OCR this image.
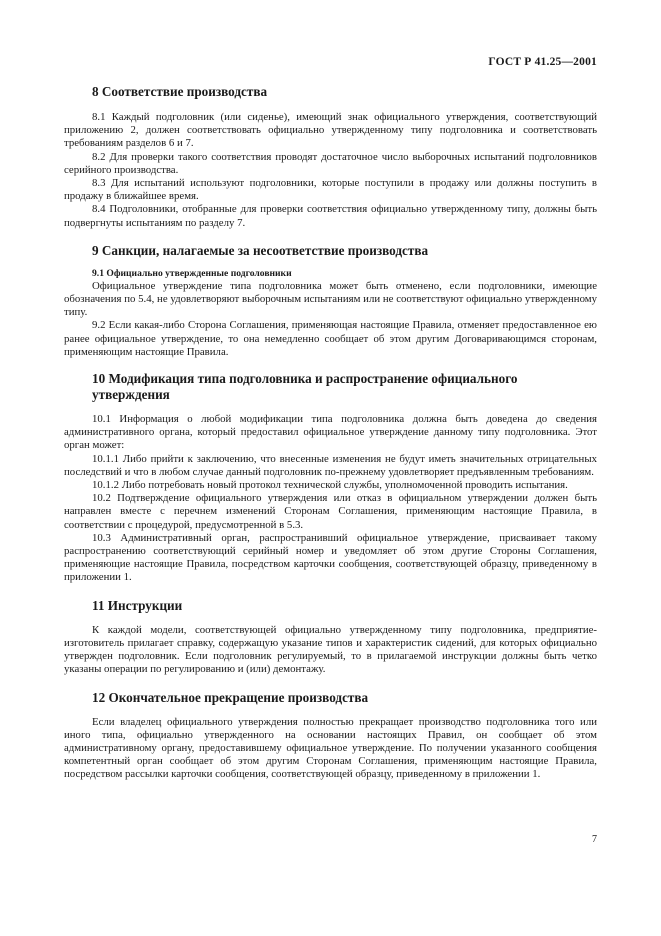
ГОСТ Р 41.25—2001
8 Соответствие производства

8.1 Каждый подголовник (или сиденье), имеющий знак официального утверждения, соответствующий приложению 2, должен соответствовать официально утвержденному типу подголовника и соответствовать требованиям разделов 6 и 7.

8.2 Для проверки такого соответствия проводят достаточное число выборочных испытаний подголовников серийного производства.

8.3 Для испытаний используют подголовники, которые поступили в продажу или должны поступить в продажу в ближайшее время.

8.4 Подголовники, отобранные для проверки соответствия официально утвержденному типу, должны быть подвергнуты испытаниям по разделу 7.

9 Санкции, налагаемые за несоответствие производства
9.1 Официально утвержденные подголовники

Официальное утверждение типа подголовника может быть отменено, если подголовники, имеющие обозначения по 5.4, не удовлетворяют выборочным испытаниям или не соответствуют официально утвержденному типу.

9.2 Если какая-либо Сторона Соглашения, применяющая настоящие Правила, отменяет предоставленное ею ранее официальное утверждение, то она немедленно сообщает об этом другим Договаривающимся сторонам, применяющим настоящие Правила.

10 Модификация типа подголовника и распространение официального утверждения

10.1 Информация о любой модификации типа подголовника должна быть доведена до сведения административного органа, который предоставил официальное утверждение данному типу подголовника. Этот орган может:

10.1.1 Либо прийти к заключению, что внесенные изменения не будут иметь значительных отрицательных последствий и что в любом случае данный подголовник по-прежнему удовлетворяет предъявленным требованиям.

10.1.2 Либо потребовать новый протокол технической службы, уполномоченной проводить испытания.

10.2 Подтверждение официального утверждения или отказ в официальном утверждении должен быть направлен вместе с перечнем изменений Сторонам Соглашения, применяющим настоящие Правила, в соответствии с процедурой, предусмотренной в 5.3.

10.3 Административный орган, распространивший официальное утверждение, присваивает такому распространению соответствующий серийный номер и уведомляет об этом другие Стороны Соглашения, применяющие настоящие Правила, посредством карточки сообщения, соответствующей образцу, приведенному в приложении 1.

11 Инструкции

К каждой модели, соответствующей официально утвержденному типу подголовника, предприятие-изготовитель прилагает справку, содержащую указание типов и характеристик сидений, для которых официально утвержден подголовник. Если подголовник регулируемый, то в прилагаемой инструкции должны быть четко указаны операции по регулированию и (или) демонтажу.

12 Окончательное прекращение производства

Если владелец официального утверждения полностью прекращает производство подголовника того или иного типа, официально утвержденного на основании настоящих Правил, он сообщает об этом административному органу, предоставившему официальное утверждение. По получении указанного сообщения компетентный орган сообщает об этом другим Сторонам Соглашения, применяющим настоящие Правила, посредством рассылки карточки сообщения, соответствующей образцу, приведенному в приложении 1.

7
